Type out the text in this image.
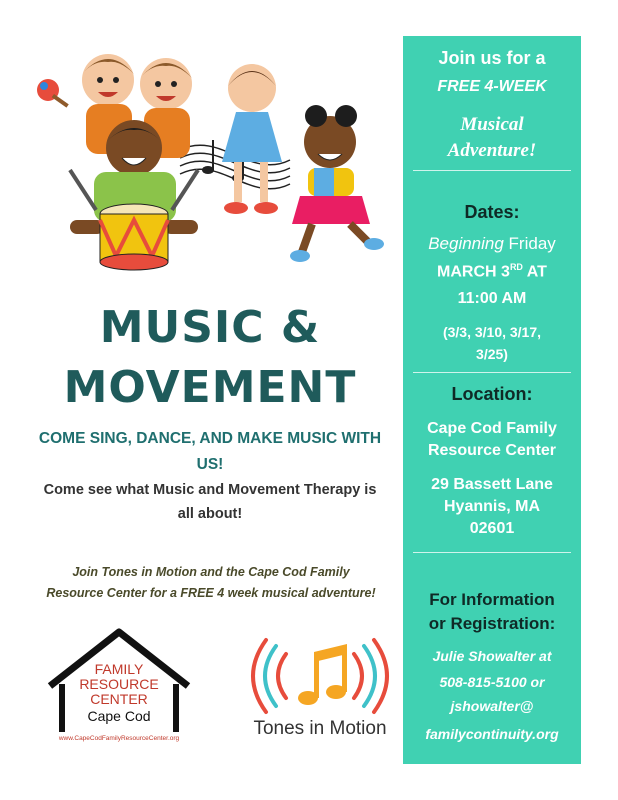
MUSIC &
MOVEMENT
COME SING, DANCE, AND MAKE MUSIC WITH US!
Come see what Music and Movement Therapy is all about!
Join Tones in Motion and the Cape Cod Family Resource Center for a FREE 4 week musical adventure!
FAMILY
RESOURCE
CENTER
Cape Cod
www.CapeCodFamilyResourceCenter.org	Tones in Motion
Join us for a
FREE 4-WEEK
Musical
Adventure!
Dates:
Beginning Friday
MARCH 3RD AT
11:00 AM
(3/3, 3/10, 3/17,
3/25)
Location:
Cape Cod Family
Resource Center
29 Bassett Lane
Hyannis, MA
02601
For Information
or Registration:
Julie Showalter at
508-815-5100 or
jshowalter@
familycontinuity.org
